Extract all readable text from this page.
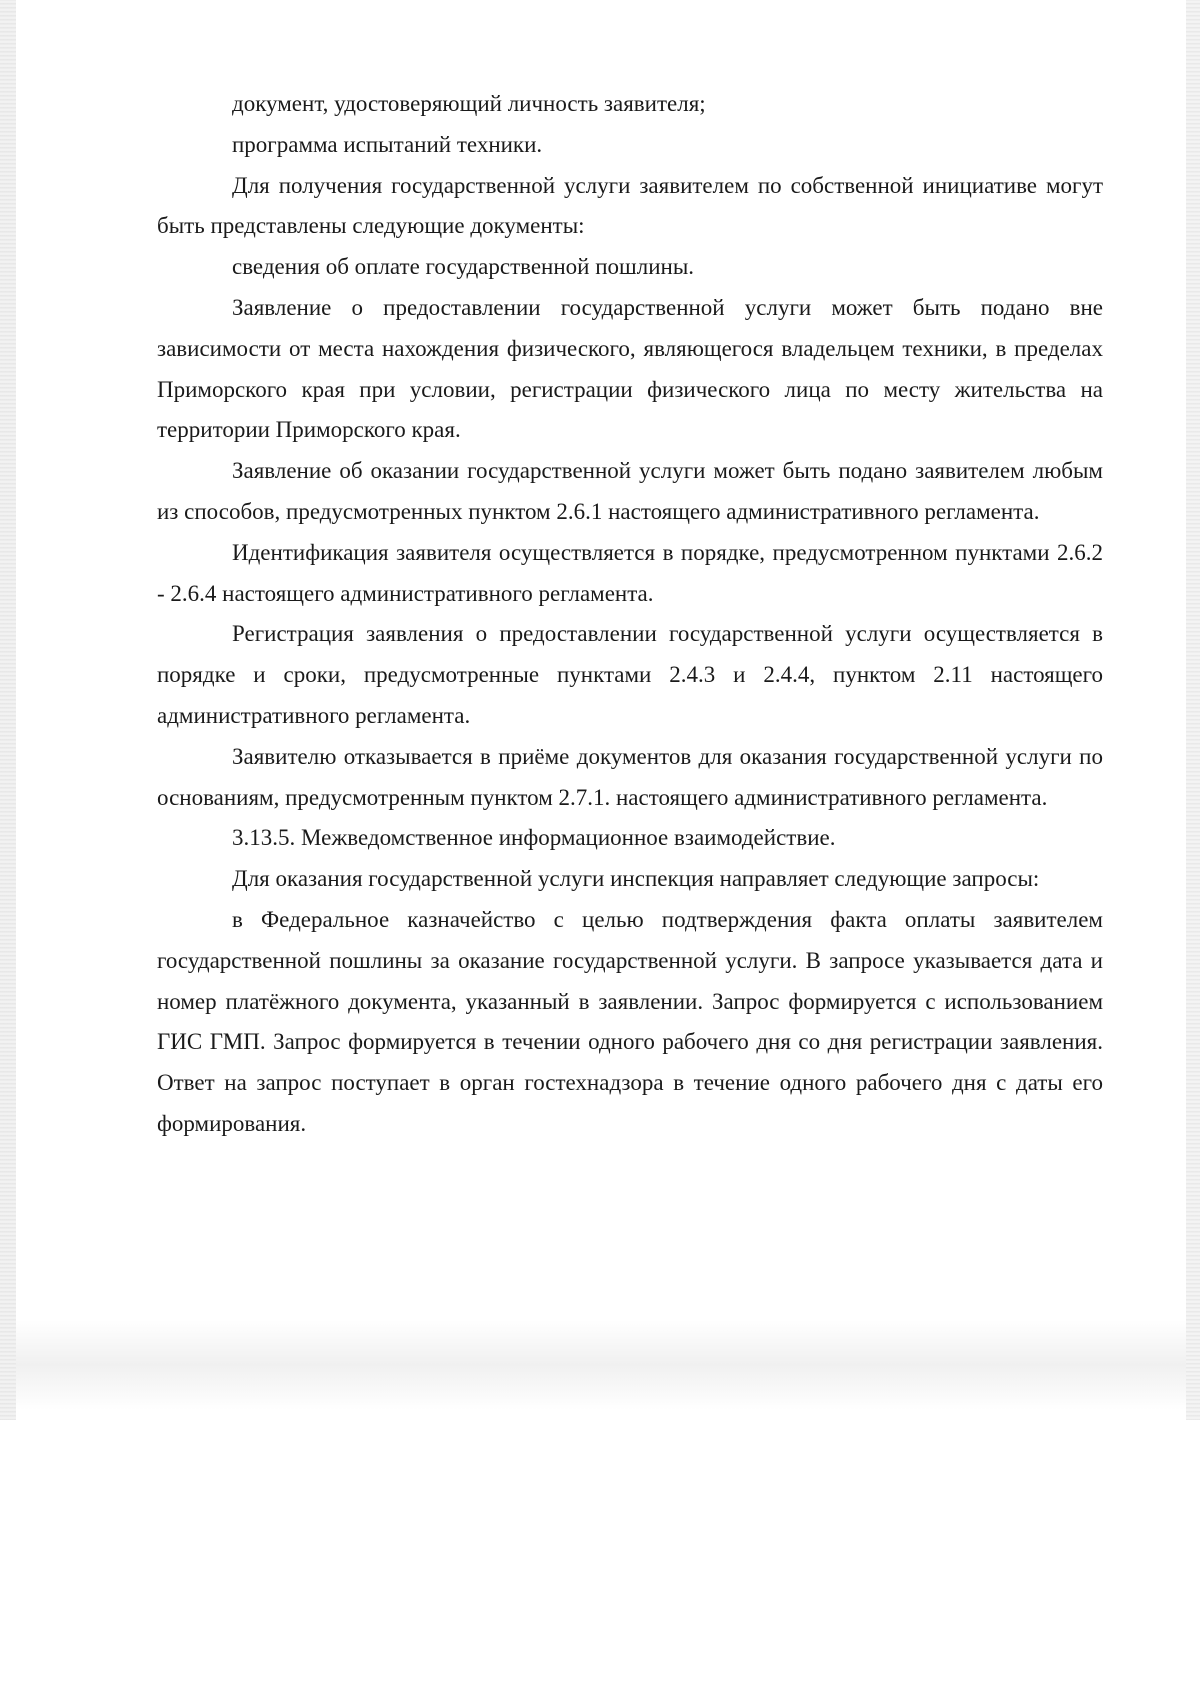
документ, удостоверяющий личность заявителя;

программа испытаний техники.

Для получения государственной услуги заявителем по собственной инициативе могут быть представлены следующие документы:

сведения об оплате государственной пошлины.

Заявление о предоставлении государственной услуги может быть подано вне зависимости от места нахождения физического, являющегося владельцем техники, в пределах Приморского края при условии, регистрации физического лица по месту жительства на территории Приморского края.

Заявление об оказании государственной услуги может быть подано заявителем любым из способов, предусмотренных пунктом 2.6.1 настоящего административного регламента.

Идентификация заявителя осуществляется в порядке, предусмотренном пунктами 2.6.2 - 2.6.4 настоящего административного регламента.

Регистрация заявления о предоставлении государственной услуги осуществляется в порядке и сроки, предусмотренные пунктами 2.4.3 и 2.4.4, пунктом 2.11 настоящего административного регламента.

Заявителю отказывается в приёме документов для оказания государственной услуги по основаниям, предусмотренным пунктом 2.7.1. настоящего административного регламента.

3.13.5. Межведомственное информационное взаимодействие.

Для оказания государственной услуги инспекция направляет следующие запросы:

в Федеральное казначейство с целью подтверждения факта оплаты заявителем государственной пошлины за оказание государственной услуги. В запросе указывается дата и номер платёжного документа, указанный в заявлении. Запрос формируется с использованием ГИС ГМП. Запрос формируется в течении одного рабочего дня со дня регистрации заявления. Ответ на запрос поступает в орган гостехнадзора в течение одного рабочего дня с даты его формирования.
